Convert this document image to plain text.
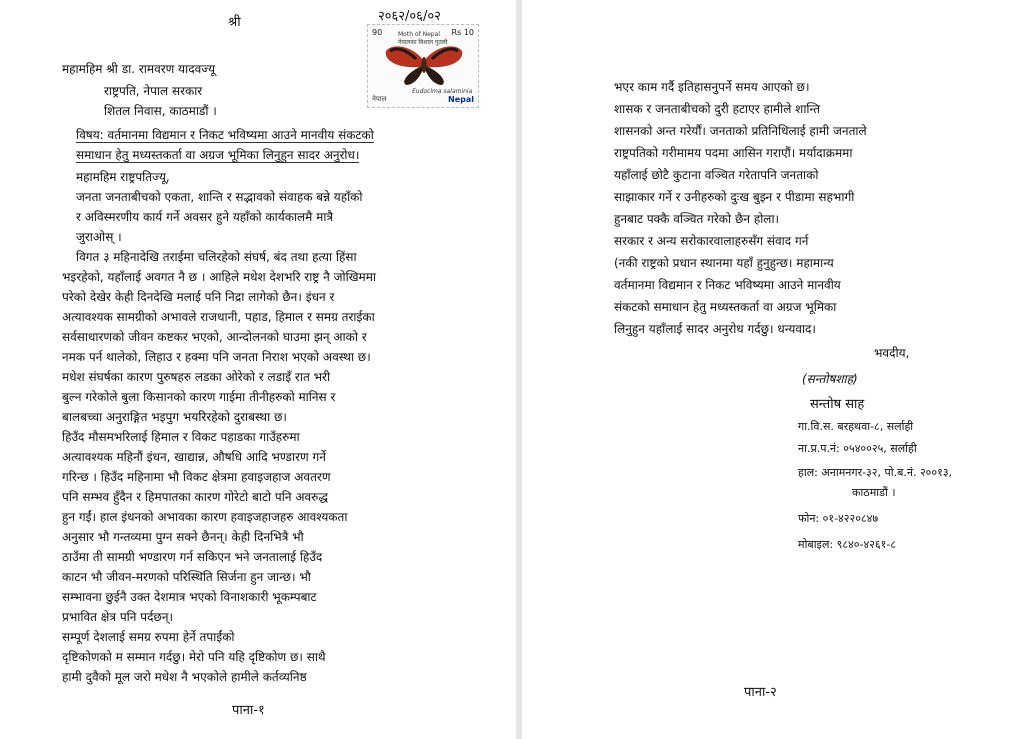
श्री	२०६२/०६/०२
90	Moth of Nepal
नेपालका विशाल पुतली
Rs 10
Eudocima salaminia
नेपाल	Nepal
महामहिम श्री डा. रामवरण यादवज्यू
राष्ट्रपति, नेपाल सरकार
शितल निवास, काठमाडौं ।
विषय: वर्तमानमा विद्यमान र निकट भविष्यमा आउने मानवीय संकटको
समाधान हेतु मध्यस्तकर्ता वा अग्रज भूमिका लिनुहुन सादर अनुरोध।
महामहिम राष्ट्रपतिज्यू,
जनता जनताबीचको एकता, शान्ति र सद्भावको संवाहक बन्ने यहाँको
र अविस्मरणीय कार्य गर्ने अवसर हुने यहाँको कार्यकालमै मात्रै
जुराओस् ।
विगत ३ महिनादेखि तराईमा चलिरहेको संघर्ष, बंद तथा हत्या हिंसा
भइरहेको, यहाँलाई अवगत नै छ । आहिले मधेश देशभरि राष्ट्र नै जोखिममा
परेको देखेर केही दिनदेखि मलाई पनि निद्रा लागेको छैन। इंधन र
अत्यावश्यक सामग्रीको अभावले राजधानी, पहाड, हिमाल र समग्र तराईका
सर्वसाधारणको जीवन कष्टकर भएको, आन्दोलनको घाउमा झन् आको र
नमक पर्न थालेको, लिहाउ र हक्मा पनि जनता निराश भएको अवस्था छ।
मधेश संघर्षका कारण पुरुषहरु लडका ओरेको र लडाइँ रात भरी
बुल्न गरेकोले बुला किसानको कारण गाईमा तीनीहरुको मानिस र
बालबच्चा अनुराङ्गित भइपुग भयरिरहेको दुराबस्था छ।
हिउँद मौसमभरिलाई हिमाल र विकट पहाडका गाउँहरुमा
अत्यावश्यक महिनौं इंधन, खाद्यान्न, औषधि आदि भण्डारण गर्ने
गरिन्छ । हिउँद महिनामा भौ विकट क्षेत्रमा हवाइजहाज अवतरण
पनि सम्भव हुँदैन र हिमपातका कारण गोरेटो बाटो पनि अवरुद्ध
हुन गईं। हाल इंधनको अभावका कारण हवाइजहाजहरु आवश्यकता
अनुसार भौ गन्तव्यमा पुग्न सक्ने छैनन्। केही दिनभित्रै भौ
ठाउँमा ती सामग्री भण्डारण गर्न सकिएन भने जनतालाई हिउँद
काटन भौ जीवन-मरणको परिस्थिति सिर्जना हुन जान्छ। भौ
सम्भावना छुईनै उक्त देशमात्र भएको विनाशकारी भूकम्पबाट
प्रभावित क्षेत्र पनि पर्दछन्।
सम्पूर्ण देशलाई समग्र रुपमा हेर्ने तपाईंको
दृष्टिकोणको म सम्मान गर्दछु। मेरो पनि यहि दृष्टिकोण छ। साथै
हामी दुवैको मूल जरो मधेश नै भएकोले हामीले कर्तव्यनिष्ठ
पाना-१
भएर काम गर्दै इतिहासनुपर्ने समय आएको छ।
शासक र जनताबीचको दुरी हटाएर हामीले शान्ति
शासनको अन्त गरेर्यौं। जनताको प्रतिनिधिलाई हामी जनताले
राष्ट्रपतिको गरीमामय पदमा आसिन गराएौं। मर्यादाक्रममा
यहाँलाई छोटै कुटाना वञ्चित गरेतापनि जनताको
साझाकार गर्ने र उनीहरुको दुःख बुझ्न र पीडामा सहभागी
हुनबाट पक्कै वञ्चित गरेको छैन होला।
सरकार र अन्य सरोकारवालाहरुसँग संवाद गर्न
(नकी राष्ट्रको प्रधान स्थानमा यहाँ हुनुहुन्छ। महामान्य
वर्तमानमा विद्यमान र निकट भविष्यमा आउने मानवीय
संकटको समाधान हेतु मध्यस्तकर्ता वा अग्रज भूमिका
लिनुहुन यहाँलाई सादर अनुरोध गर्दछु। धन्यवाद।
भवदीय,
(सन्तोषशाह)
सन्तोष साह
गा.वि.स. बरहथवा-८, सर्लाही
ना.प्र.प.नं: ०५४००२५, सर्लाही
हाल: अनामनगर-३२, पो.ब.नं. २००१३,
काठमाडौं ।
फोन: ०१-४२२०८४७
मोबाइल: ९८४०-४२६१-८
पाना-२
